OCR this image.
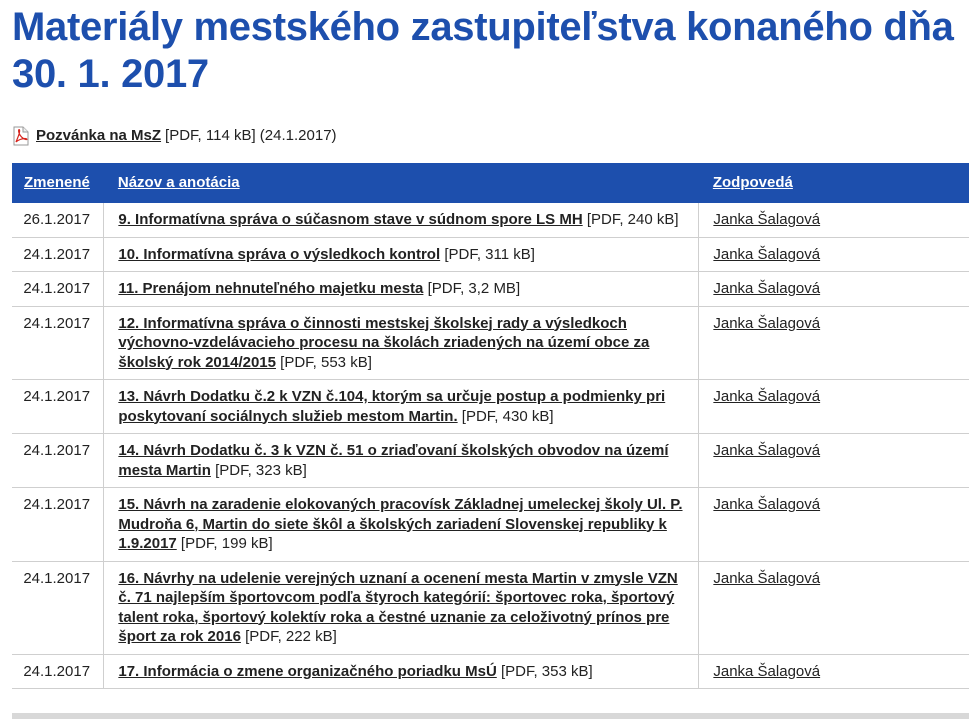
Materiály mestského zastupiteľstva konaného dňa 30. 1. 2017
Pozvánka na MsZ [PDF, 114 kB] (24.1.2017)
Zmenené	Názov a anotácia	Zodpovedá
26.1.2017	9. Informatívna správa o súčasnom stave v súdnom spore LS MH [PDF, 240 kB]	Janka Šalagová
24.1.2017	10. Informatívna správa o výsledkoch kontrol [PDF, 311 kB]	Janka Šalagová
24.1.2017	11. Prenájom nehnuteľného majetku mesta [PDF, 3,2 MB]	Janka Šalagová
24.1.2017	12. Informatívna správa o činnosti mestskej školskej rady a výsledkoch výchovno-vzdelávacieho procesu na školách zriadených na území obce za školský rok 2014/2015 [PDF, 553 kB]	Janka Šalagová
24.1.2017	13. Návrh Dodatku č.2 k VZN č.104, ktorým sa určuje postup a podmienky pri poskytovaní sociálnych služieb mestom Martin. [PDF, 430 kB]	Janka Šalagová
24.1.2017	14. Návrh Dodatku č. 3 k VZN č. 51 o zriaďovaní školských obvodov na území mesta Martin [PDF, 323 kB]	Janka Šalagová
24.1.2017	15. Návrh na zaradenie elokovaných pracovísk Základnej umeleckej školy Ul. P. Mudroňa 6, Martin do siete škôl a školských zariadení Slovenskej republiky k 1.9.2017 [PDF, 199 kB]	Janka Šalagová
24.1.2017	16. Návrhy na udelenie verejných uznaní a ocenení mesta Martin v zmysle VZN č. 71 najlepším športovcom podľa štyroch kategórií: športovec roka, športový talent roka, športový kolektív roka a čestné uznanie za celoživotný prínos pre šport za rok 2016 [PDF, 222 kB]	Janka Šalagová
24.1.2017	17. Informácia o zmene organizačného poriadku MsÚ [PDF, 353 kB]	Janka Šalagová
